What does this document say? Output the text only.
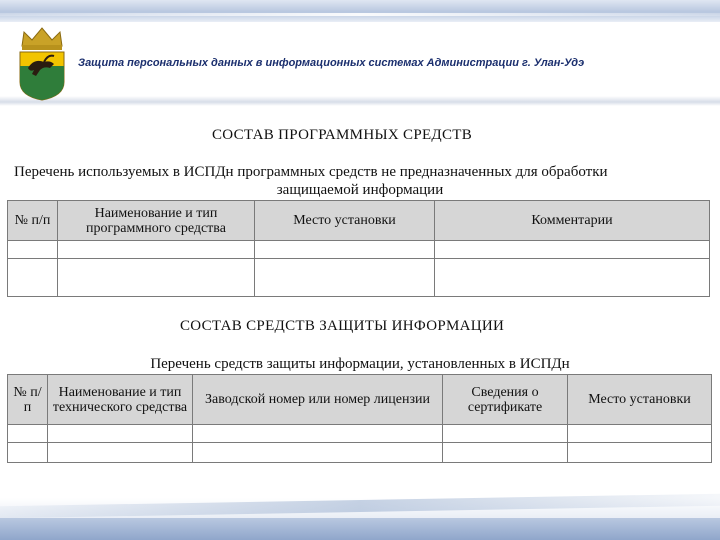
Защита персональных данных в информационных системах Администрации г. Улан-Удэ
СОСТАВ ПРОГРАММНЫХ СРЕДСТВ
Перечень используемых в ИСПДн программных средств не предназначенных для обработки
защищаемой информации
№ п/п	Наименование и тип программного средства	Место установки	Комментарии

СОСТАВ СРЕДСТВ ЗАЩИТЫ ИНФОРМАЦИИ
Перечень средств защиты информации, установленных в ИСПДн
№ п/п	Наименование и тип технического средства	Заводской номер или номер лицензии	Сведения о сертификате	Место установки
